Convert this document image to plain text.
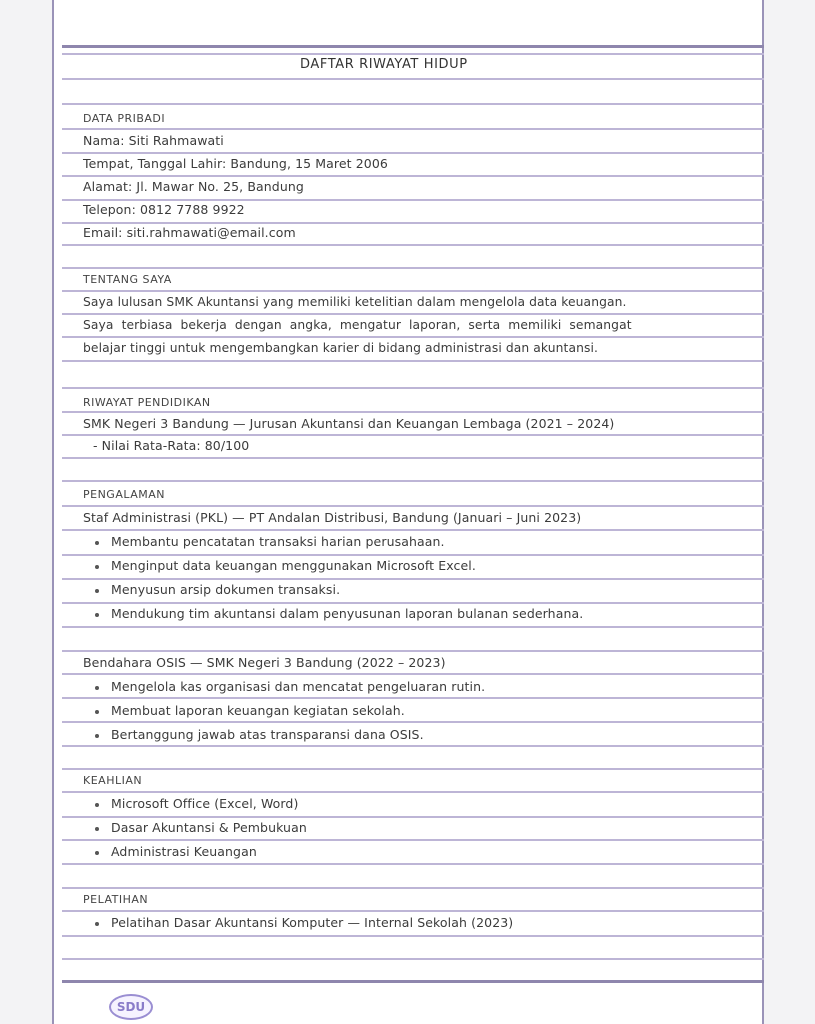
DAFTAR RIWAYAT HIDUP
DATA PRIBADI
Nama: Siti Rahmawati
Tempat, Tanggal Lahir: Bandung, 15 Maret 2006
Alamat: Jl. Mawar No. 25, Bandung
Telepon: 0812 7788 9922
Email: siti.rahmawati@email.com
TENTANG SAYA
Saya lulusan SMK Akuntansi yang memiliki ketelitian dalam mengelola data keuangan.
Saya terbiasa bekerja dengan angka, mengatur laporan, serta memiliki semangat
belajar tinggi untuk mengembangkan karier di bidang administrasi dan akuntansi.
RIWAYAT PENDIDIKAN
SMK Negeri 3 Bandung — Jurusan Akuntansi dan Keuangan Lembaga (2021 – 2024)
- Nilai Rata-Rata: 80/100
PENGALAMAN
Staf Administrasi (PKL) — PT Andalan Distribusi, Bandung (Januari – Juni 2023)
Membantu pencatatan transaksi harian perusahaan.
Menginput data keuangan menggunakan Microsoft Excel.
Menyusun arsip dokumen transaksi.
Mendukung tim akuntansi dalam penyusunan laporan bulanan sederhana.
Bendahara OSIS — SMK Negeri 3 Bandung (2022 – 2023)
Mengelola kas organisasi dan mencatat pengeluaran rutin.
Membuat laporan keuangan kegiatan sekolah.
Bertanggung jawab atas transparansi dana OSIS.
KEAHLIAN
Microsoft Office (Excel, Word)
Dasar Akuntansi & Pembukuan
Administrasi Keuangan
PELATIHAN
Pelatihan Dasar Akuntansi Komputer — Internal Sekolah (2023)
SDU
